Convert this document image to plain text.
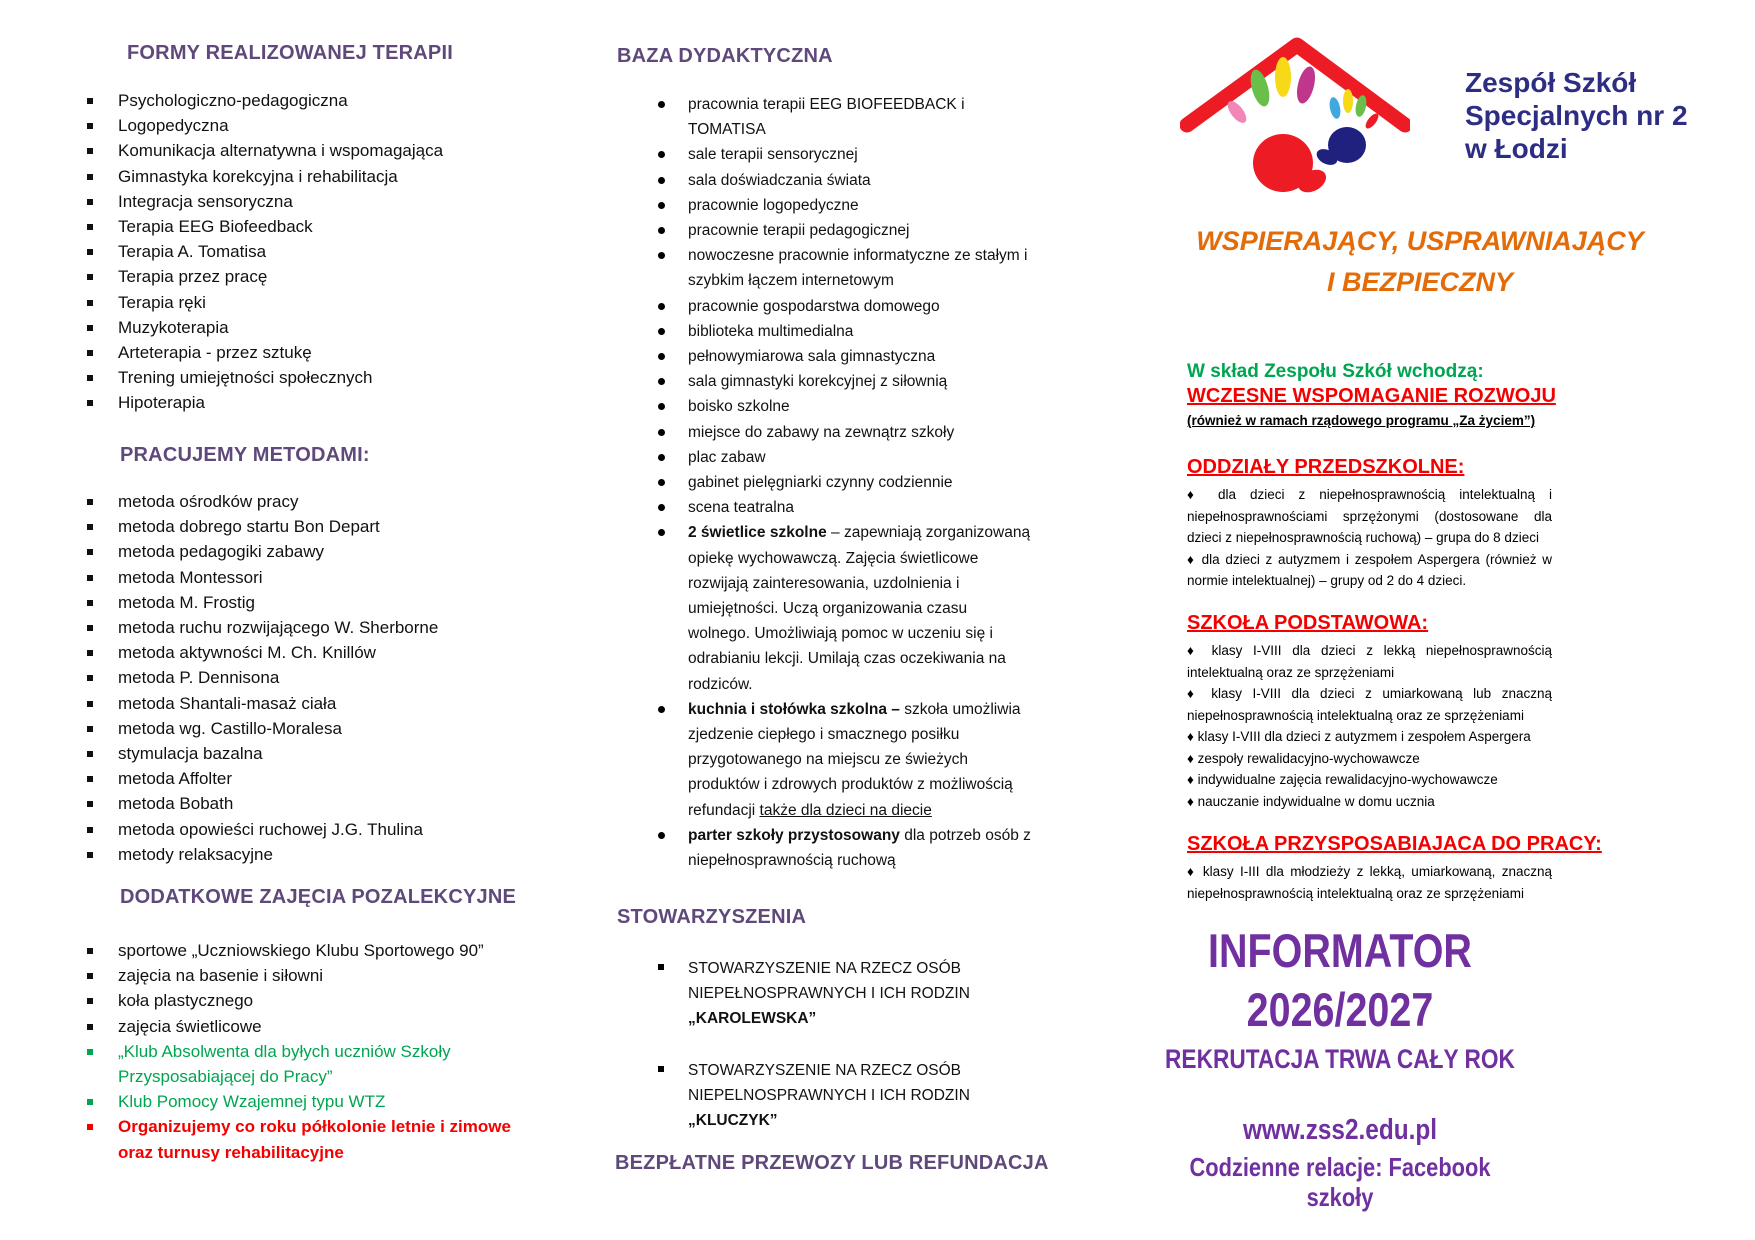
FORMY REALIZOWANEJ TERAPII
Psychologiczno-pedagogiczna
Logopedyczna
Komunikacja alternatywna i wspomagająca
Gimnastyka korekcyjna i rehabilitacja
Integracja sensoryczna
Terapia EEG Biofeedback
Terapia A. Tomatisa
Terapia przez pracę
Terapia ręki
Muzykoterapia
Arteterapia - przez sztukę
Trening umiejętności społecznych
Hipoterapia
PRACUJEMY METODAMI:
metoda ośrodków pracy
metoda dobrego startu Bon Depart
metoda pedagogiki zabawy
metoda Montessori
metoda M. Frostig
metoda ruchu rozwijającego W. Sherborne
metoda aktywności M. Ch. Knillów
metoda P. Dennisona
metoda Shantali-masaż ciała
metoda wg. Castillo-Moralesa
stymulacja bazalna
metoda Affolter
metoda Bobath
metoda opowieści ruchowej J.G. Thulina
metody relaksacyjne
DODATKOWE ZAJĘCIA POZALEKCYJNE
sportowe „Uczniowskiego Klubu Sportowego 90”
zajęcia na basenie i siłowni
koła plastycznego
zajęcia świetlicowe
„Klub Absolwenta dla byłych uczniów Szkoły Przysposabiającej do Pracy”
Klub Pomocy Wzajemnej typu WTZ
Organizujemy co roku półkolonie letnie i zimowe oraz turnusy rehabilitacyjne
BAZA DYDAKTYCZNA
pracownia terapii EEG BIOFEEDBACK i TOMATISA
sale terapii sensorycznej
sala doświadczania świata
pracownie logopedyczne
pracownie terapii pedagogicznej
nowoczesne pracownie informatyczne ze stałym i szybkim łączem internetowym
pracownie gospodarstwa domowego
biblioteka multimedialna
pełnowymiarowa sala gimnastyczna
sala gimnastyki korekcyjnej z siłownią
boisko szkolne
miejsce do zabawy na zewnątrz szkoły
plac zabaw
gabinet pielęgniarki czynny codziennie
scena teatralna
2 świetlice szkolne – zapewniają zorganizowaną opiekę wychowawczą. Zajęcia świetlicowe rozwijają zainteresowania, uzdolnienia i umiejętności. Uczą organizowania czasu wolnego. Umożliwiają pomoc w uczeniu się i odrabianiu lekcji. Umilają czas oczekiwania na rodziców.
kuchnia i stołówka szkolna – szkoła umożliwia zjedzenie ciepłego i smacznego posiłku przygotowanego na miejscu ze świeżych produktów i zdrowych produktów z możliwością refundacji także dla dzieci na diecie
parter szkoły przystosowany dla potrzeb osób z niepełnosprawnością ruchową
STOWARZYSZENIA
STOWARZYSZENIE NA RZECZ OSÓB NIEPEŁNOSPRAWNYCH I ICH RODZIN „KAROLEWSKA”
STOWARZYSZENIE NA RZECZ OSÓB NIEPELNOSPRAWNYCH I ICH RODZIN „KLUCZYK”
BEZPŁATNE PRZEWOZY LUB REFUNDACJA
Zespół Szkół
Specjalnych nr 2
w Łodzi
WSPIERAJĄCY, USPRAWNIAJĄCY
I BEZPIECZNY
W skład Zespołu Szkół wchodzą:
WCZESNE WSPOMAGANIE ROZWOJU
(również w ramach rządowego programu „Za życiem”)
ODDZIAŁY PRZEDSZKOLNE:

♦ dla dzieci z niepełnosprawnością intelektualną i niepełnosprawnościami sprzężonymi (dostosowane dla dzieci z niepełnosprawnością ruchową) – grupa do 8 dzieci

♦ dla dzieci z autyzmem i zespołem Aspergera (również w normie intelektualnej) – grupy od 2 do 4 dzieci.

SZKOŁA PODSTAWOWA:

♦ klasy I-VIII dla dzieci z lekką niepełnosprawnością intelektualną oraz ze sprzężeniami

♦ klasy I-VIII dla dzieci z umiarkowaną lub znaczną niepełnosprawnością intelektualną oraz ze sprzężeniami

♦ klasy I-VIII dla dzieci z autyzmem i zespołem Aspergera

♦ zespoły rewalidacyjno-wychowawcze

♦ indywidualne zajęcia rewalidacyjno-wychowawcze

♦ nauczanie indywidualne w domu ucznia

SZKOŁA PRZYSPOSABIAJACA DO PRACY:

♦ klasy I-III dla młodzieży z lekką, umiarkowaną, znaczną niepełnosprawnością intelektualną oraz ze sprzężeniami

INFORMATOR
2026/2027
REKRUTACJA TRWA CAŁY ROK
www.zss2.edu.pl
Codzienne relacje: Facebook szkoły
